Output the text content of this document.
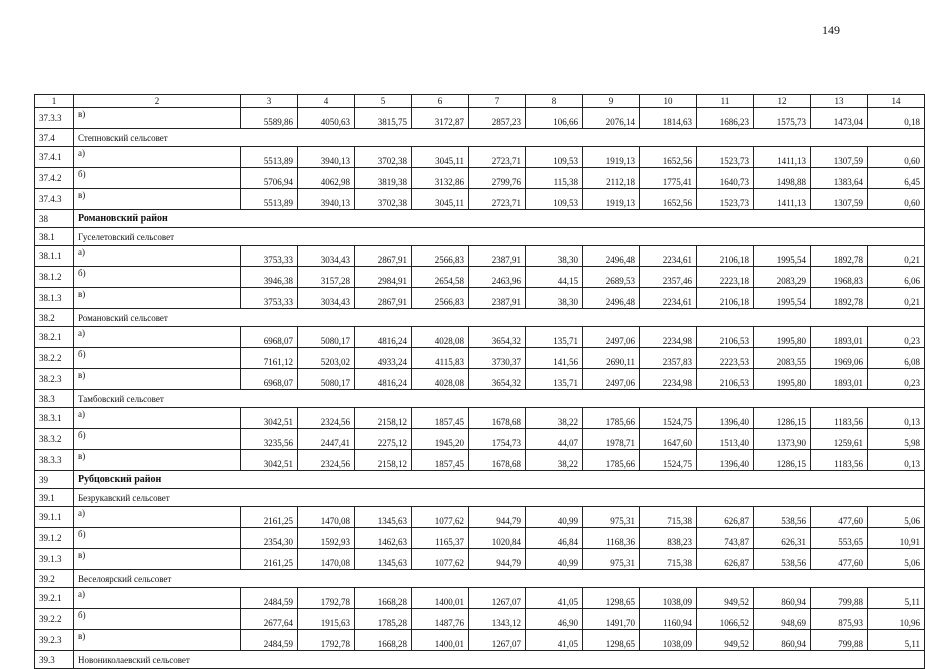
149
1	2	3	4	5	6	7	8	9	10	11	12	13	14
37.3.3	в)	5589,86	4050,63	3815,75	3172,87	2857,23	106,66	2076,14	1814,63	1686,23	1575,73	1473,04	0,18
37.4	Степновский сельсовет												
37.4.1	а)	5513,89	3940,13	3702,38	3045,11	2723,71	109,53	1919,13	1652,56	1523,73	1411,13	1307,59	0,60
37.4.2	б)	5706,94	4062,98	3819,38	3132,86	2799,76	115,38	2112,18	1775,41	1640,73	1498,88	1383,64	6,45
37.4.3	в)	5513,89	3940,13	3702,38	3045,11	2723,71	109,53	1919,13	1652,56	1523,73	1411,13	1307,59	0,60
38	Романовский район												
38.1	Гуселетовский сельсовет												
38.1.1	а)	3753,33	3034,43	2867,91	2566,83	2387,91	38,30	2496,48	2234,61	2106,18	1995,54	1892,78	0,21
38.1.2	б)	3946,38	3157,28	2984,91	2654,58	2463,96	44,15	2689,53	2357,46	2223,18	2083,29	1968,83	6,06
38.1.3	в)	3753,33	3034,43	2867,91	2566,83	2387,91	38,30	2496,48	2234,61	2106,18	1995,54	1892,78	0,21
38.2	Романовский сельсовет												
38.2.1	а)	6968,07	5080,17	4816,24	4028,08	3654,32	135,71	2497,06	2234,98	2106,53	1995,80	1893,01	0,23
38.2.2	б)	7161,12	5203,02	4933,24	4115,83	3730,37	141,56	2690,11	2357,83	2223,53	2083,55	1969,06	6,08
38.2.3	в)	6968,07	5080,17	4816,24	4028,08	3654,32	135,71	2497,06	2234,98	2106,53	1995,80	1893,01	0,23
38.3	Тамбовский сельсовет												
38.3.1	а)	3042,51	2324,56	2158,12	1857,45	1678,68	38,22	1785,66	1524,75	1396,40	1286,15	1183,56	0,13
38.3.2	б)	3235,56	2447,41	2275,12	1945,20	1754,73	44,07	1978,71	1647,60	1513,40	1373,90	1259,61	5,98
38.3.3	в)	3042,51	2324,56	2158,12	1857,45	1678,68	38,22	1785,66	1524,75	1396,40	1286,15	1183,56	0,13
39	Рубцовский район												
39.1	Безрукавский сельсовет												
39.1.1	а)	2161,25	1470,08	1345,63	1077,62	944,79	40,99	975,31	715,38	626,87	538,56	477,60	5,06
39.1.2	б)	2354,30	1592,93	1462,63	1165,37	1020,84	46,84	1168,36	838,23	743,87	626,31	553,65	10,91
39.1.3	в)	2161,25	1470,08	1345,63	1077,62	944,79	40,99	975,31	715,38	626,87	538,56	477,60	5,06
39.2	Веселоярский сельсовет												
39.2.1	а)	2484,59	1792,78	1668,28	1400,01	1267,07	41,05	1298,65	1038,09	949,52	860,94	799,88	5,11
39.2.2	б)	2677,64	1915,63	1785,28	1487,76	1343,12	46,90	1491,70	1160,94	1066,52	948,69	875,93	10,96
39.2.3	в)	2484,59	1792,78	1668,28	1400,01	1267,07	41,05	1298,65	1038,09	949,52	860,94	799,88	5,11
39.3	Новониколаевский сельсовет												
